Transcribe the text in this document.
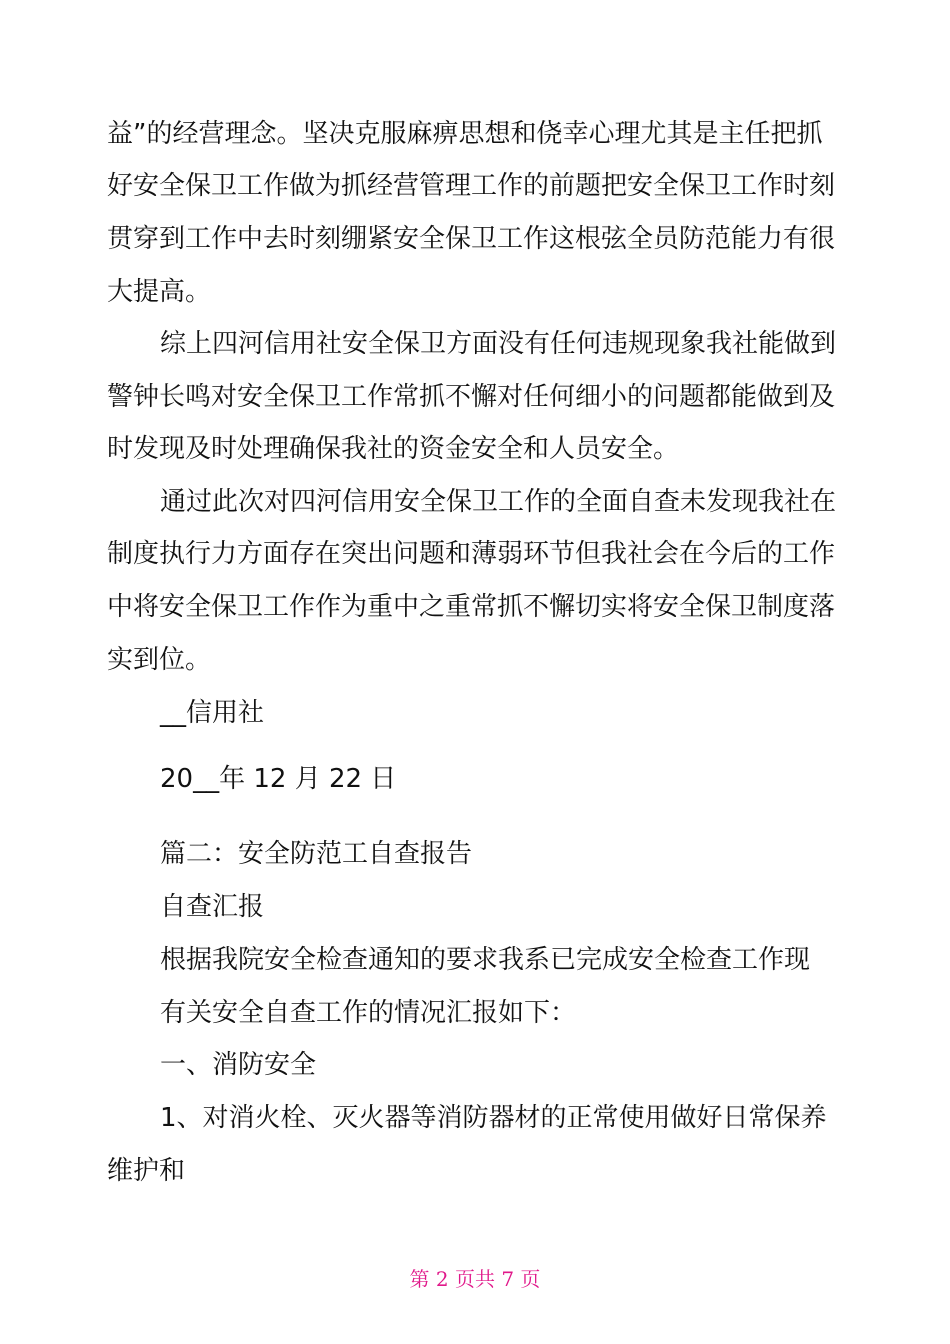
益”的经营理念。坚决克服麻痹思想和侥幸心理尤其是主任把抓
好安全保卫工作做为抓经营管理工作的前题把安全保卫工作时刻
贯穿到工作中去时刻绷紧安全保卫工作这根弦全员防范能力有很
大提高。
综上四河信用社安全保卫方面没有任何违规现象我社能做到
警钟长鸣对安全保卫工作常抓不懈对任何细小的问题都能做到及
时发现及时处理确保我社的资金安全和人员安全。
通过此次对四河信用安全保卫工作的全面自查未发现我社在
制度执行力方面存在突出问题和薄弱环节但我社会在今后的工作
中将安全保卫工作作为重中之重常抓不懈切实将安全保卫制度落
实到位。
__信用社
20__年 12 月 22 日
篇二：安全防范工自查报告
自查汇报
根据我院安全检查通知的要求我系已完成安全检查工作现
有关安全自查工作的情况汇报如下：
一、消防安全
1、对消火栓、灭火器等消防器材的正常使用做好日常保养
维护和
第 2 页共 7 页
